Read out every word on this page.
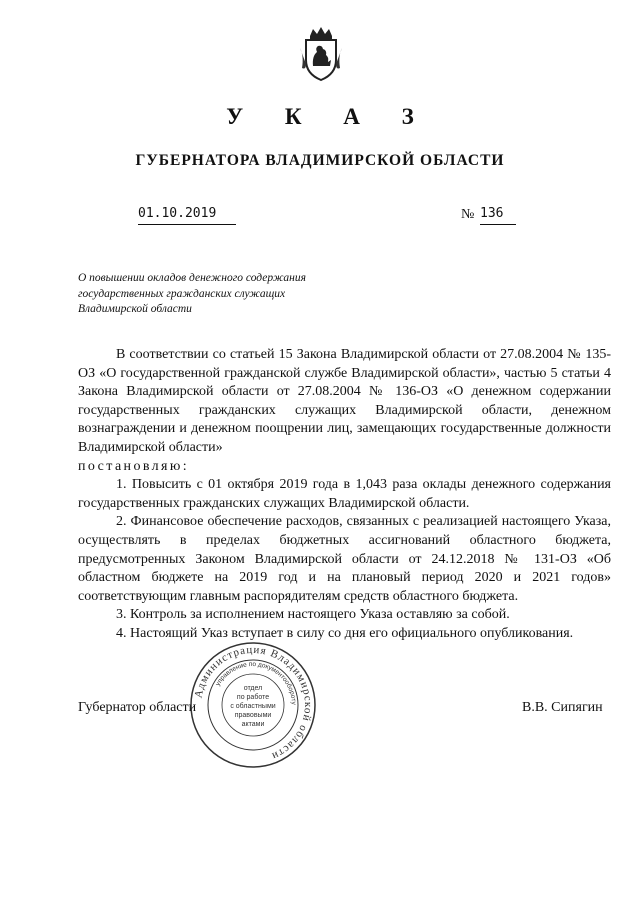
У К А З
ГУБЕРНАТОРА ВЛАДИМИРСКОЙ ОБЛАСТИ
01.10.2019	№ 136
О повышении окладов денежного содержания
государственных гражданских служащих
Владимирской области

В соответствии со статьей 15 Закона Владимирской области от 27.08.2004 № 135-ОЗ «О государственной гражданской службе Владимирской области», частью 5 статьи 4 Закона Владимирской области от 27.08.2004 № 136-ОЗ «О денежном содержании государственных гражданских служащих Владимирской области, денежном вознаграждении и денежном поощрении лиц, замещающих государственные должности Владимирской области»

постановляю:

1. Повысить с 01 октября 2019 года в 1,043 раза оклады денежного содержания государственных гражданских служащих Владимирской области.

2. Финансовое обеспечение расходов, связанных с реализацией настоящего Указа, осуществлять в пределах бюджетных ассигнований областного бюджета, предусмотренных Законом Владимирской области от 24.12.2018 № 131-ОЗ «Об областном бюджете на 2019 год и на плановый период 2020 и 2021 годов» соответствующим главным распорядителям средств областного бюджета.

3. Контроль за исполнением настоящего Указа оставляю за собой.

4. Настоящий Указ вступает в силу со дня его официального опубликования.

Губернатор области	В.В. Сипягин
Администрация Владимирской области
управление по документообороту
отдел
по работе
с областными
правовыми
актами
